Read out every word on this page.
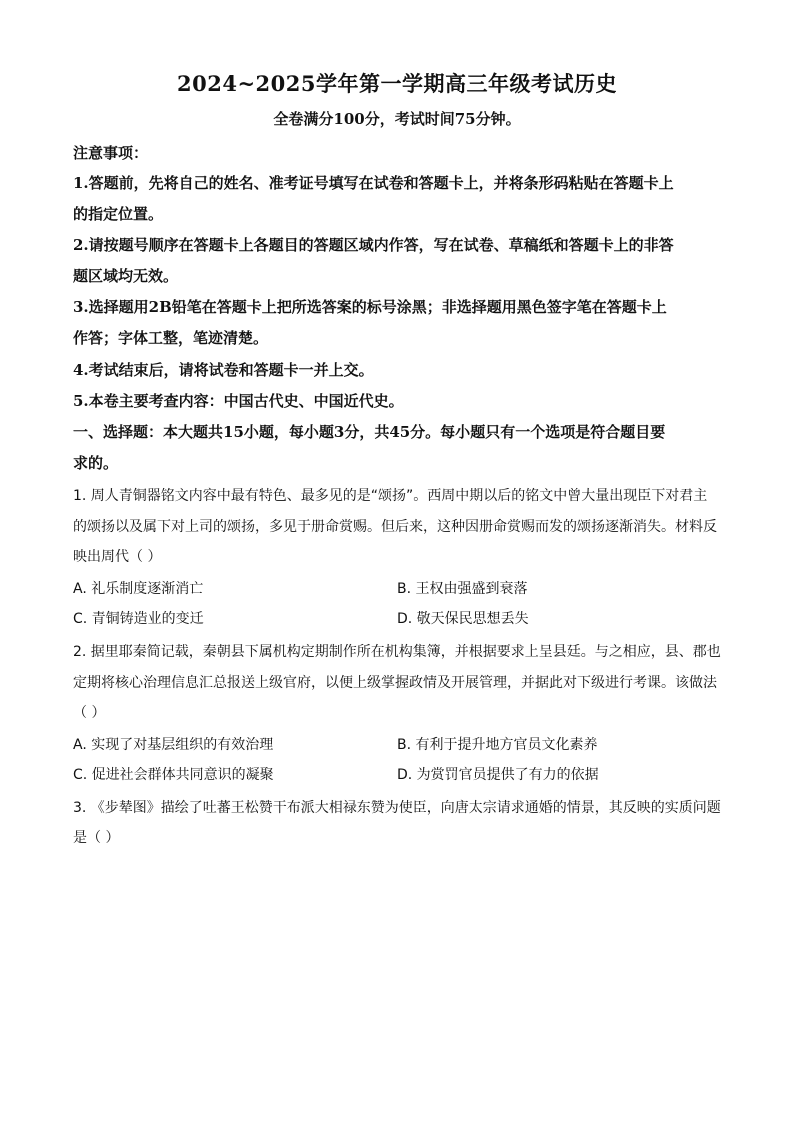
2024~2025学年第一学期高三年级考试历史
全卷满分100分，考试时间75分钟。
注意事项：
1.答题前，先将自己的姓名、准考证号填写在试卷和答题卡上，并将条形码粘贴在答题卡上
的指定位置。
2.请按题号顺序在答题卡上各题目的答题区域内作答，写在试卷、草稿纸和答题卡上的非答
题区域均无效。
3.选择题用2B铅笔在答题卡上把所选答案的标号涂黑；非选择题用黑色签字笔在答题卡上
作答；字体工整，笔迹清楚。
4.考试结束后，请将试卷和答题卡一并上交。
5.本卷主要考查内容：中国古代史、中国近代史。
一、选择题：本大题共15小题，每小题3分，共45分。每小题只有一个选项是符合题目要
求的。
1. 周人青铜器铭文内容中最有特色、最多见的是“颂扬”。西周中期以后的铭文中曾大量出现臣下对君主
的颂扬以及属下对上司的颂扬，多见于册命赏赐。但后来，这种因册命赏赐而发的颂扬逐渐消失。材料反
映出周代（ ）
A. 礼乐制度逐渐消亡	B. 王权由强盛到衰落
C. 青铜铸造业的变迁	D. 敬天保民思想丢失
2. 据里耶秦简记载，秦朝县下属机构定期制作所在机构集簿，并根据要求上呈县廷。与之相应，县、郡也
定期将核心治理信息汇总报送上级官府，以便上级掌握政情及开展管理，并据此对下级进行考课。该做法
（ ）
A. 实现了对基层组织的有效治理	B. 有利于提升地方官员文化素养
C. 促进社会群体共同意识的凝聚	D. 为赏罚官员提供了有力的依据
3. 《步辇图》描绘了吐蕃王松赞干布派大相禄东赞为使臣，向唐太宗请求通婚的情景，其反映的实质问题
是（ ）
